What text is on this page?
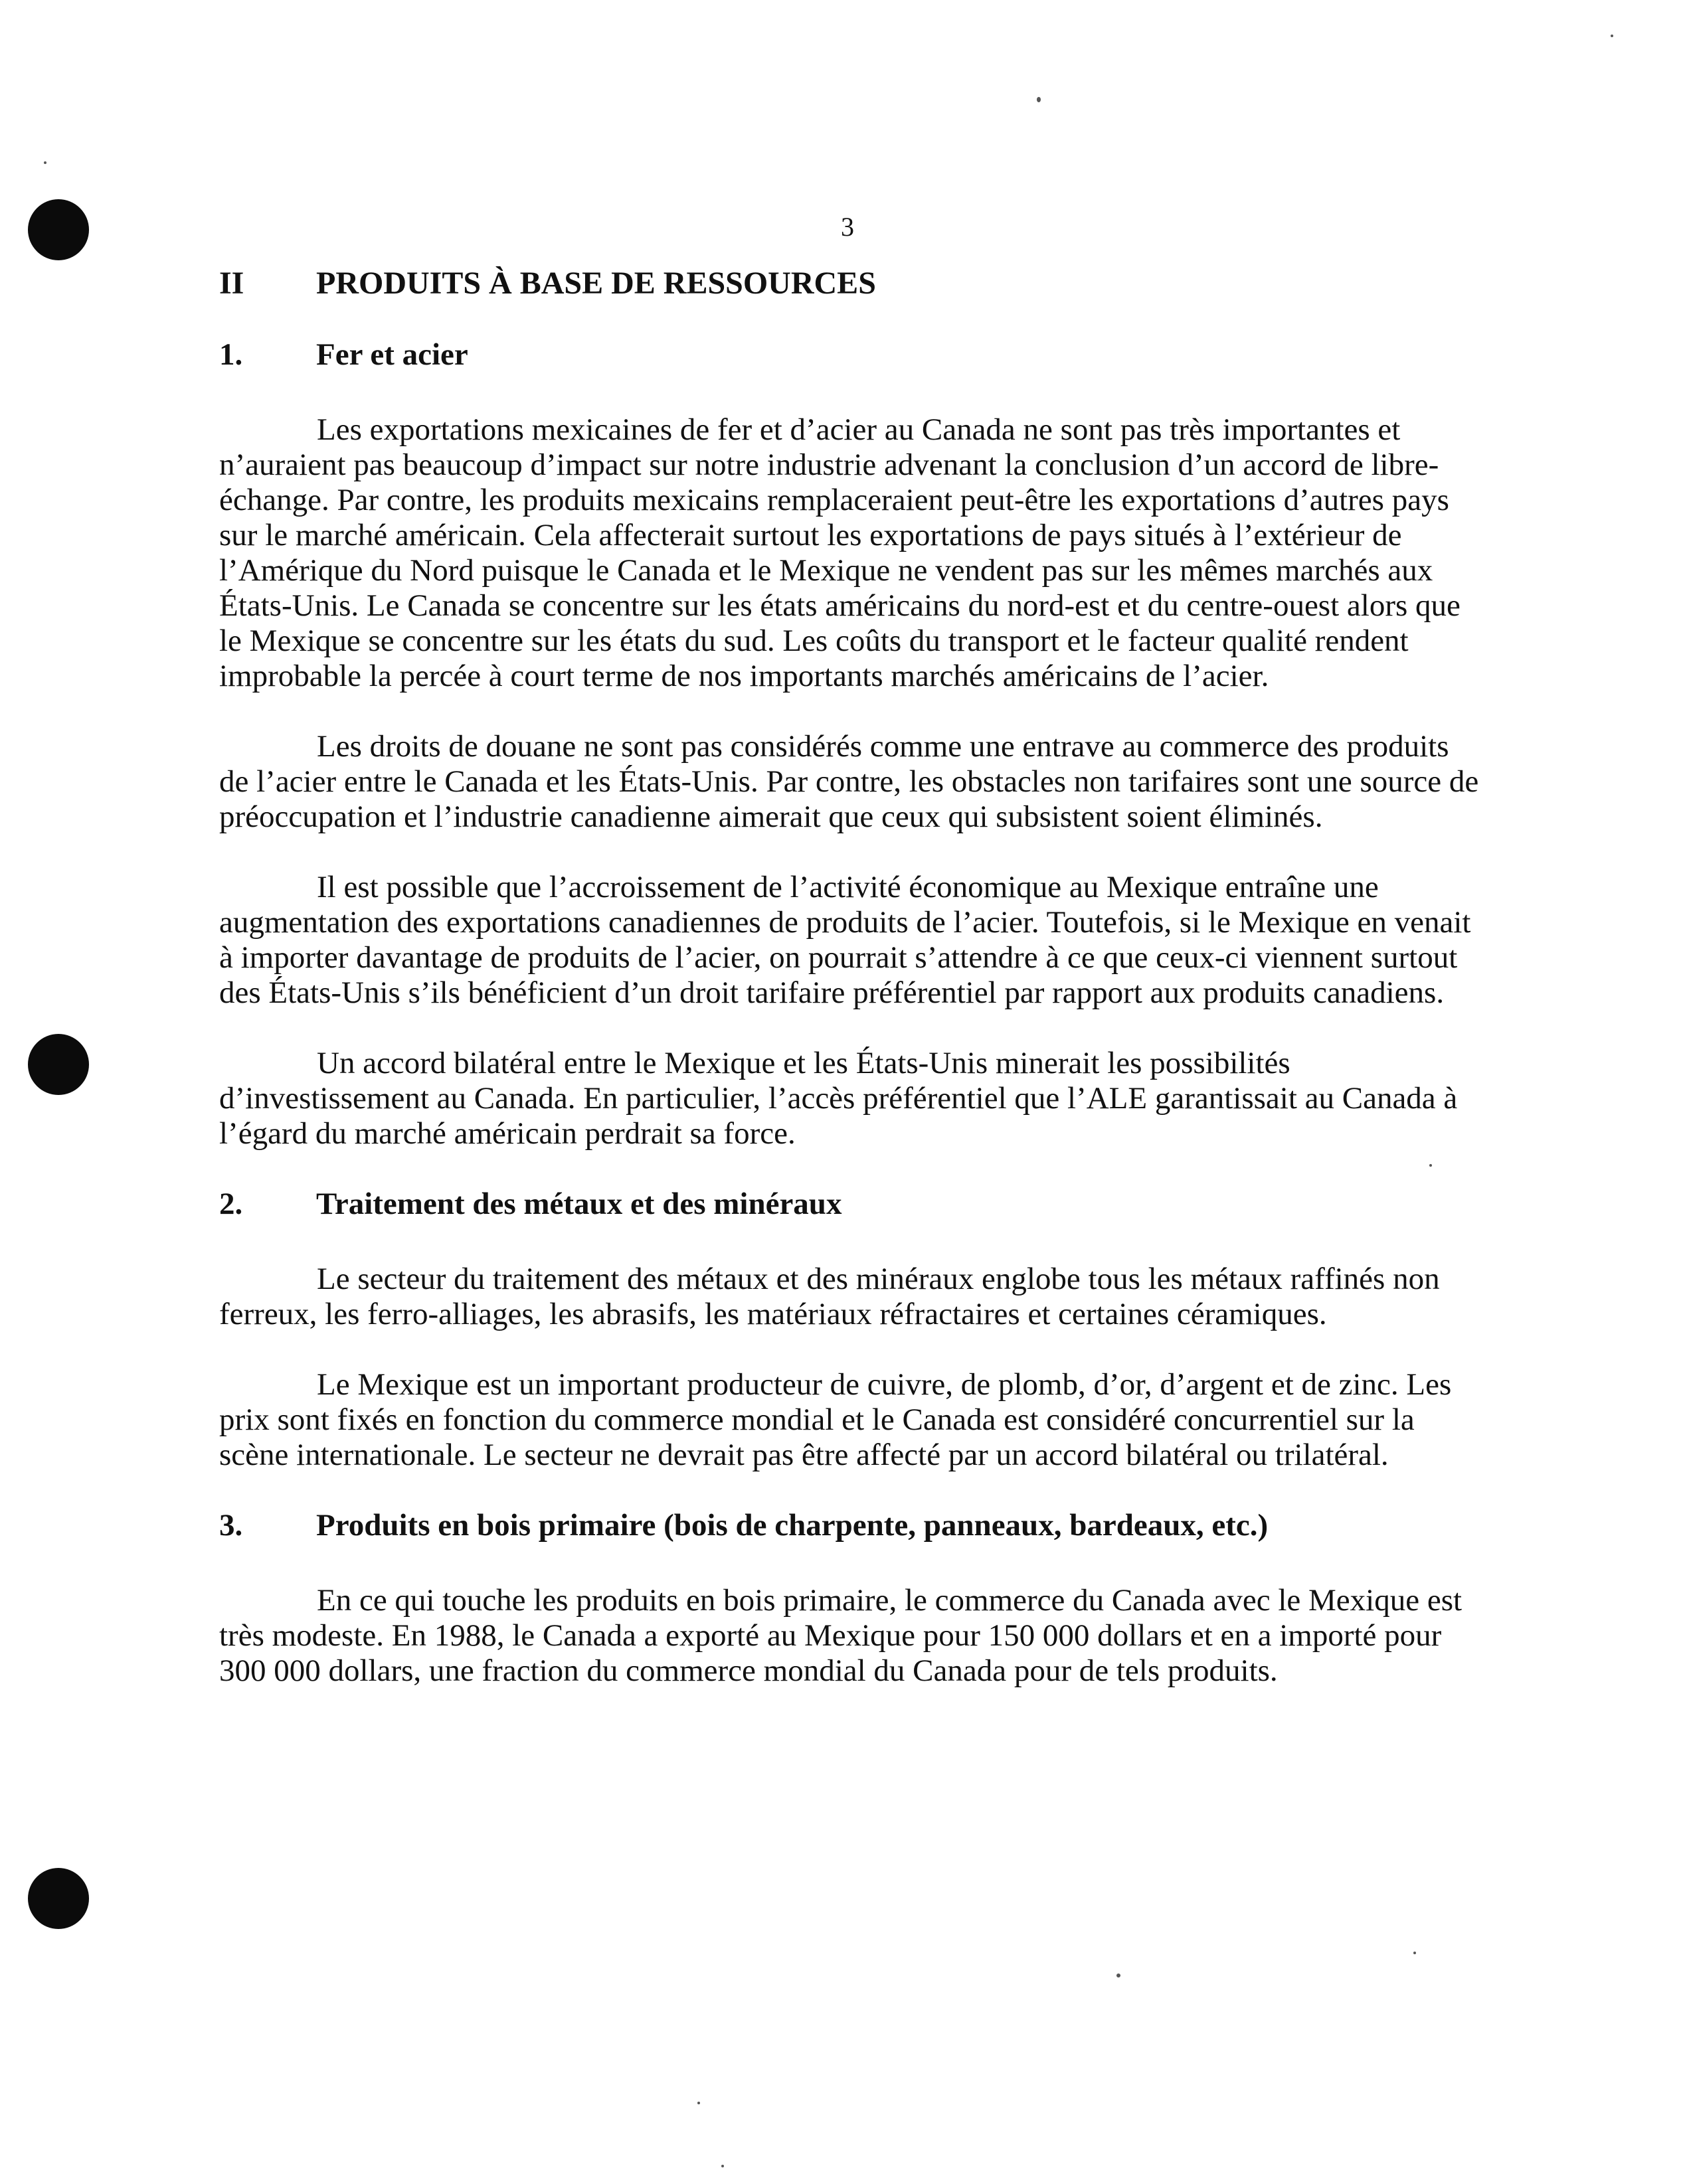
3
II	PRODUITS À BASE DE RESSOURCES
1.	Fer et acier

Les exportations mexicaines de fer et d’acier au Canada ne sont pas très importantes et n’auraient pas beaucoup d’impact sur notre industrie advenant la conclusion d’un accord de libre-échange. Par contre, les produits mexicains remplaceraient peut-être les exportations d’autres pays sur le marché américain. Cela affecterait surtout les exportations de pays situés à l’extérieur de l’Amérique du Nord puisque le Canada et le Mexique ne vendent pas sur les mêmes marchés aux États-Unis. Le Canada se concentre sur les états américains du nord-est et du centre-ouest alors que le Mexique se concentre sur les états du sud. Les coûts du transport et le facteur qualité rendent improbable la percée à court terme de nos importants marchés américains de l’acier.

Les droits de douane ne sont pas considérés comme une entrave au commerce des produits de l’acier entre le Canada et les États-Unis. Par contre, les obstacles non tarifaires sont une source de préoccupation et l’industrie canadienne aimerait que ceux qui subsistent soient éliminés.

Il est possible que l’accroissement de l’activité économique au Mexique entraîne une augmentation des exportations canadiennes de produits de l’acier. Toutefois, si le Mexique en venait à importer davantage de produits de l’acier, on pourrait s’attendre à ce que ceux-ci viennent surtout des États-Unis s’ils bénéficient d’un droit tarifaire préférentiel par rapport aux produits canadiens.

Un accord bilatéral entre le Mexique et les États-Unis minerait les possibilités d’investissement au Canada. En particulier, l’accès préférentiel que l’ALE garantissait au Canada à l’égard du marché américain perdrait sa force.

2.	Traitement des métaux et des minéraux

Le secteur du traitement des métaux et des minéraux englobe tous les métaux raffinés non ferreux, les ferro-alliages, les abrasifs, les matériaux réfractaires et certaines céramiques.

Le Mexique est un important producteur de cuivre, de plomb, d’or, d’argent et de zinc. Les prix sont fixés en fonction du commerce mondial et le Canada est considéré concurrentiel sur la scène internationale. Le secteur ne devrait pas être affecté par un accord bilatéral ou trilatéral.

3.	Produits en bois primaire (bois de charpente, panneaux, bardeaux, etc.)

En ce qui touche les produits en bois primaire, le commerce du Canada avec le Mexique est très modeste. En 1988, le Canada a exporté au Mexique pour 150 000 dollars et en a importé pour 300 000 dollars, une fraction du commerce mondial du Canada pour de tels produits.
